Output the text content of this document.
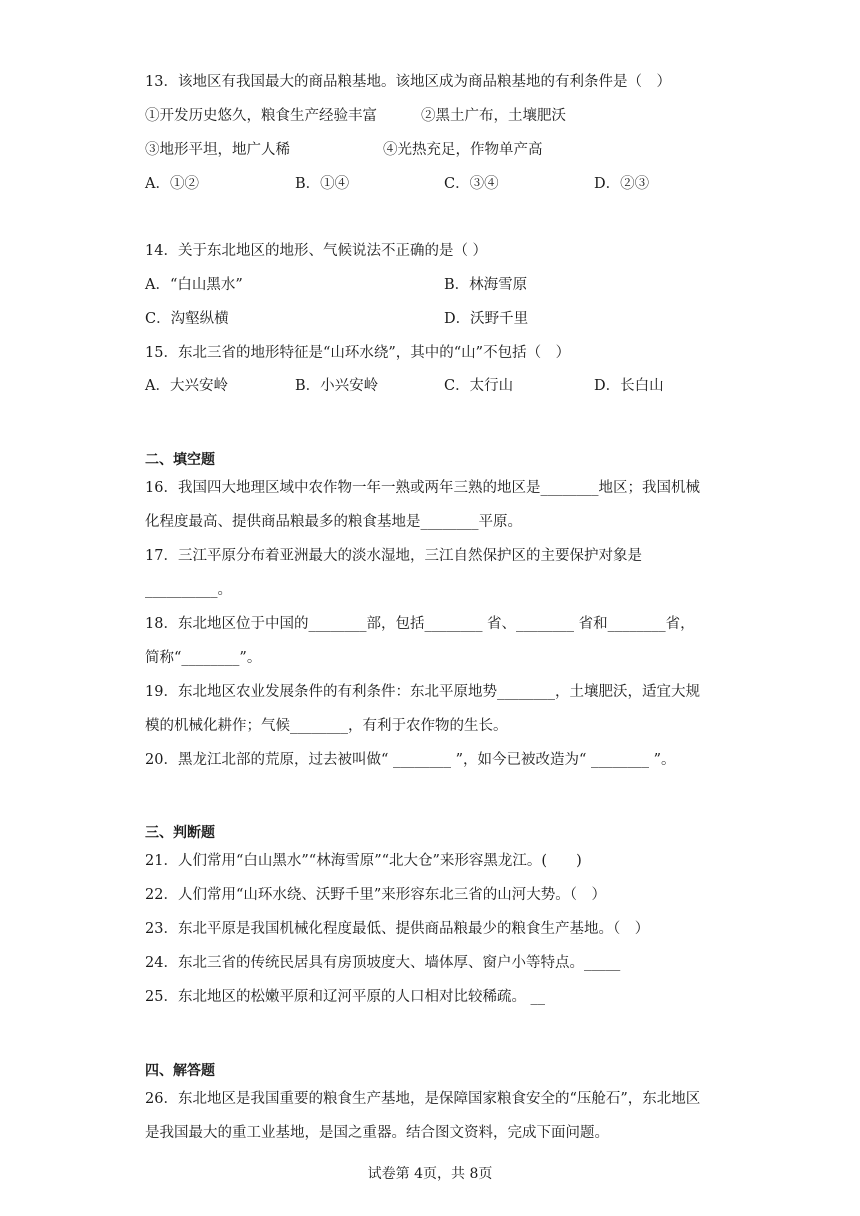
13．该地区有我国最大的商品粮基地。该地区成为商品粮基地的有利条件是（　）
①开发历史悠久，粮食生产经验丰富	②黑土广布，土壤肥沃
③地形平坦，地广人稀	④光热充足，作物单产高
A．①②	B．①④	C．③④	D．②③
14．关于东北地区的地形、气候说法不正确的是（ ）
A．“白山黑水”	B．林海雪原
C．沟壑纵横	D．沃野千里
15．东北三省的地形特征是“山环水绕”，其中的“山”不包括（　）
A．大兴安岭	B．小兴安岭	C．太行山	D．长白山
二、填空题
16．我国四大地理区域中农作物一年一熟或两年三熟的地区是________地区；我国机械
化程度最高、提供商品粮最多的粮食基地是________平原。
17．三江平原分布着亚洲最大的淡水湿地，三江自然保护区的主要保护对象是
__________。
18．东北地区位于中国的________部，包括________ 省、________ 省和________省，
简称“________”。
19．东北地区农业发展条件的有利条件：东北平原地势________，土壤肥沃，适宜大规
模的机械化耕作；气候________，有利于农作物的生长。
20．黑龙江北部的荒原，过去被叫做“ ________ ”，如今已被改造为“ ________ ”。
三、判断题
21．人们常用“白山黑水”“林海雪原”“北大仓”来形容黑龙江。(　　)
22．人们常用“山环水绕、沃野千里”来形容东北三省的山河大势。（　）
23．东北平原是我国机械化程度最低、提供商品粮最少的粮食生产基地。（　）
24．东北三省的传统民居具有房顶坡度大、墙体厚、窗户小等特点。_____
25．东北地区的松嫩平原和辽河平原的人口相对比较稀疏。 __
四、解答题
26．东北地区是我国重要的粮食生产基地，是保障国家粮食安全的“压舱石”，东北地区
是我国最大的重工业基地，是国之重器。结合图文资料，完成下面问题。
试卷第 4页，共 8页
